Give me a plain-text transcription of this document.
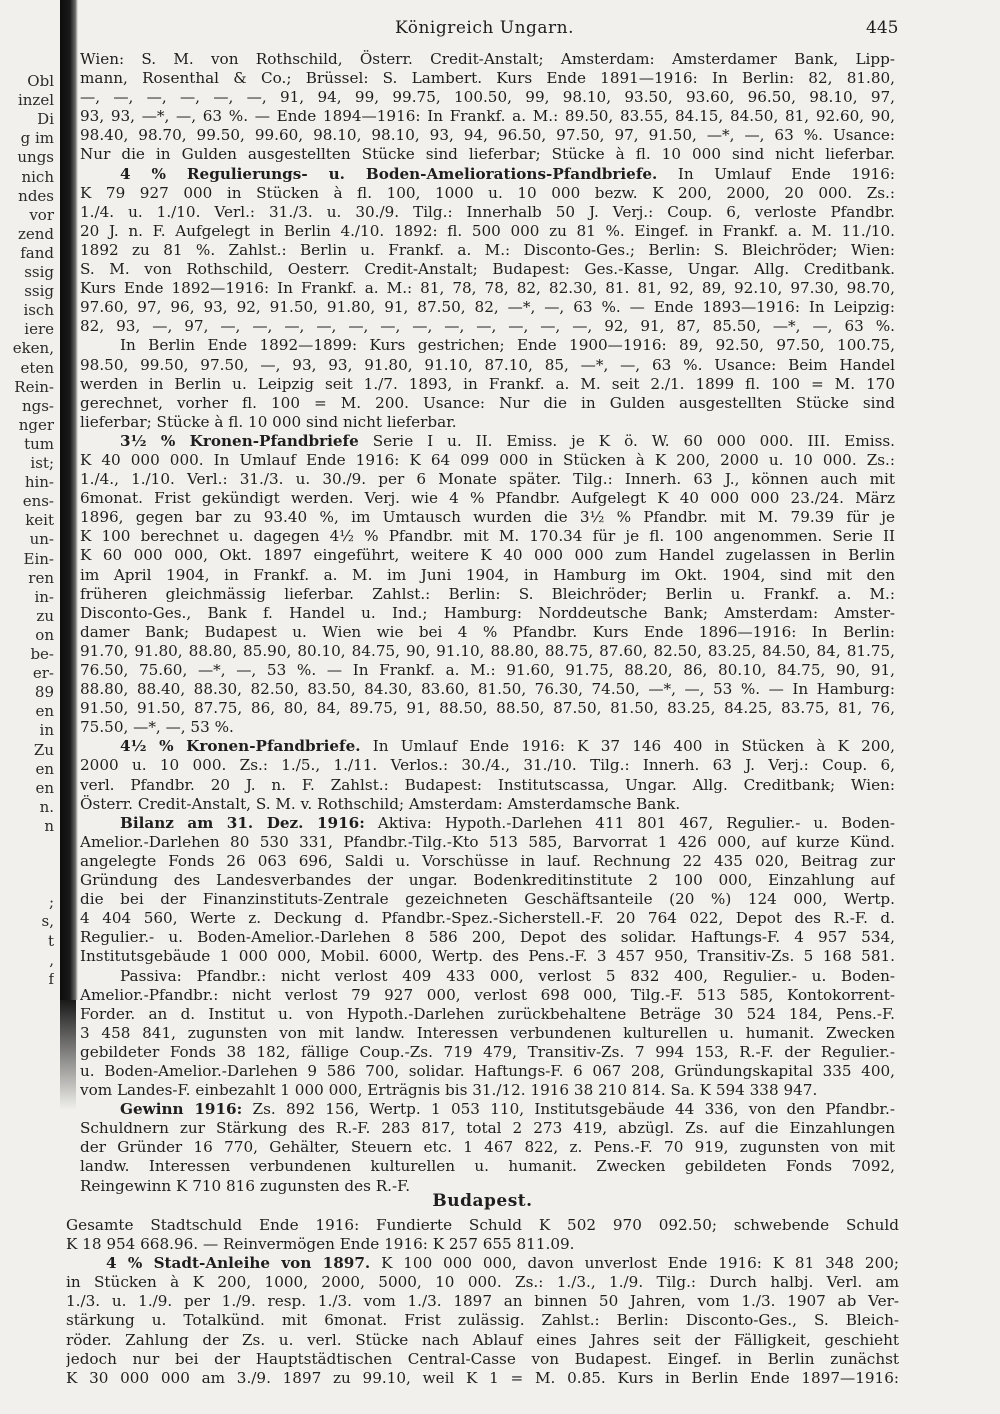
Obl
inzel
Di
g im
ungs
nich
ndes
vor
zend
fand
ssig
ssig
isch
iere
eken,
eten
Rein-
ngs-
nger
tum
ist;
hin-
ens-
keit
un-
Ein-
ren
in-
zu
on
be-
er-
89
en
in
Zu
en
en
n.
n
;
s,
t
,
f
Königreich Ungarn.	445
Wien: S. M. von Rothschild, Österr. Credit-Anstalt; Amsterdam: Amsterdamer Bank, Lipp-
mann, Rosenthal & Co.; Brüssel: S. Lambert. Kurs Ende 1891—1916: In Berlin: 82, 81.80,
—, —, —, —, —, —, 91, 94, 99, 99.75, 100.50, 99, 98.10, 93.50, 93.60, 96.50, 98.10, 97,
93, 93, —*, —, 63 %. — Ende 1894—1916: In Frankf. a. M.: 89.50, 83.55, 84.15, 84.50, 81, 92.60, 90,
98.40, 98.70, 99.50, 99.60, 98.10, 98.10, 93, 94, 96.50, 97.50, 97, 91.50, —*, —, 63 %. Usance:
Nur die in Gulden ausgestellten Stücke sind lieferbar; Stücke à fl. 10 000 sind nicht lieferbar.
4 % Regulierungs- u. Boden-Ameliorations-Pfandbriefe. In Umlauf Ende 1916:
K 79 927 000 in Stücken à fl. 100, 1000 u. 10 000 bezw. K 200, 2000, 20 000. Zs.:
1./4. u. 1./10. Verl.: 31./3. u. 30./9. Tilg.: Innerhalb 50 J. Verj.: Coup. 6, verloste Pfandbr.
20 J. n. F. Aufgelegt in Berlin 4./10. 1892: fl. 500 000 zu 81 %. Eingef. in Frankf. a. M. 11./10.
1892 zu 81 %. Zahlst.: Berlin u. Frankf. a. M.: Disconto-Ges.; Berlin: S. Bleichröder; Wien:
S. M. von Rothschild, Oesterr. Credit-Anstalt; Budapest: Ges.-Kasse, Ungar. Allg. Creditbank.
Kurs Ende 1892—1916: In Frankf. a. M.: 81, 78, 78, 82, 82.30, 81. 81, 92, 89, 92.10, 97.30, 98.70,
97.60, 97, 96, 93, 92, 91.50, 91.80, 91, 87.50, 82, —*, —, 63 %. — Ende 1893—1916: In Leipzig:
82, 93, —, 97, —, —, —, —, —, —, —, —, —, —, —, —, 92, 91, 87, 85.50, —*, —, 63 %.
In Berlin Ende 1892—1899: Kurs gestrichen; Ende 1900—1916: 89, 92.50, 97.50, 100.75,
98.50, 99.50, 97.50, —, 93, 93, 91.80, 91.10, 87.10, 85, —*, —, 63 %. Usance: Beim Handel
werden in Berlin u. Leipzig seit 1./7. 1893, in Frankf. a. M. seit 2./1. 1899 fl. 100 = M. 170
gerechnet, vorher fl. 100 = M. 200. Usance: Nur die in Gulden ausgestellten Stücke sind
lieferbar; Stücke à fl. 10 000 sind nicht lieferbar.
3½ % Kronen-Pfandbriefe Serie I u. II. Emiss. je K ö. W. 60 000 000. III. Emiss.
K 40 000 000. In Umlauf Ende 1916: K 64 099 000 in Stücken à K 200, 2000 u. 10 000. Zs.:
1./4., 1./10. Verl.: 31./3. u. 30./9. per 6 Monate später. Tilg.: Innerh. 63 J., können auch mit
6monat. Frist gekündigt werden. Verj. wie 4 % Pfandbr. Aufgelegt K 40 000 000 23./24. März
1896, gegen bar zu 93.40 %, im Umtausch wurden die 3½ % Pfandbr. mit M. 79.39 für je
K 100 berechnet u. dagegen 4½ % Pfandbr. mit M. 170.34 für je fl. 100 angenommen. Serie II
K 60 000 000, Okt. 1897 eingeführt, weitere K 40 000 000 zum Handel zugelassen in Berlin
im April 1904, in Frankf. a. M. im Juni 1904, in Hamburg im Okt. 1904, sind mit den
früheren gleichmässig lieferbar. Zahlst.: Berlin: S. Bleichröder; Berlin u. Frankf. a. M.:
Disconto-Ges., Bank f. Handel u. Ind.; Hamburg: Norddeutsche Bank; Amsterdam: Amster-
damer Bank; Budapest u. Wien wie bei 4 % Pfandbr. Kurs Ende 1896—1916: In Berlin:
91.70, 91.80, 88.80, 85.90, 80.10, 84.75, 90, 91.10, 88.80, 88.75, 87.60, 82.50, 83.25, 84.50, 84, 81.75,
76.50, 75.60, —*, —, 53 %. — In Frankf. a. M.: 91.60, 91.75, 88.20, 86, 80.10, 84.75, 90, 91,
88.80, 88.40, 88.30, 82.50, 83.50, 84.30, 83.60, 81.50, 76.30, 74.50, —*, —, 53 %. — In Hamburg:
91.50, 91.50, 87.75, 86, 80, 84, 89.75, 91, 88.50, 88.50, 87.50, 81.50, 83.25, 84.25, 83.75, 81, 76,
75.50, —*, —, 53 %.
4½ % Kronen-Pfandbriefe. In Umlauf Ende 1916: K 37 146 400 in Stücken à K 200,
2000 u. 10 000. Zs.: 1./5., 1./11. Verlos.: 30./4., 31./10. Tilg.: Innerh. 63 J. Verj.: Coup. 6,
verl. Pfandbr. 20 J. n. F. Zahlst.: Budapest: Institutscassa, Ungar. Allg. Creditbank; Wien:
Österr. Credit-Anstalt, S. M. v. Rothschild; Amsterdam: Amsterdamsche Bank.
Bilanz am 31. Dez. 1916: Aktiva: Hypoth.-Darlehen 411 801 467, Regulier.- u. Boden-
Amelior.-Darlehen 80 530 331, Pfandbr.-Tilg.-Kto 513 585, Barvorrat 1 426 000, auf kurze Künd.
angelegte Fonds 26 063 696, Saldi u. Vorschüsse in lauf. Rechnung 22 435 020, Beitrag zur
Gründung des Landesverbandes der ungar. Bodenkreditinstitute 2 100 000, Einzahlung auf
die bei der Finanzinstituts-Zentrale gezeichneten Geschäftsanteile (20 %) 124 000, Wertp.
4 404 560, Werte z. Deckung d. Pfandbr.-Spez.-Sicherstell.-F. 20 764 022, Depot des R.-F. d.
Regulier.- u. Boden-Amelior.-Darlehen 8 586 200, Depot des solidar. Haftungs-F. 4 957 534,
Institutsgebäude 1 000 000, Mobil. 6000, Wertp. des Pens.-F. 3 457 950, Transitiv-Zs. 5 168 581.
Passiva: Pfandbr.: nicht verlost 409 433 000, verlost 5 832 400, Regulier.- u. Boden-
Amelior.-Pfandbr.: nicht verlost 79 927 000, verlost 698 000, Tilg.-F. 513 585, Kontokorrent-
Forder. an d. Institut u. von Hypoth.-Darlehen zurückbehaltene Beträge 30 524 184, Pens.-F.
3 458 841, zugunsten von mit landw. Interessen verbundenen kulturellen u. humanit. Zwecken
gebildeter Fonds 38 182, fällige Coup.-Zs. 719 479, Transitiv-Zs. 7 994 153, R.-F. der Regulier.-
u. Boden-Amelior.-Darlehen 9 586 700, solidar. Haftungs-F. 6 067 208, Gründungskapital 335 400,
vom Landes-F. einbezahlt 1 000 000, Erträgnis bis 31./12. 1916 38 210 814. Sa. K 594 338 947.
Gewinn 1916: Zs. 892 156, Wertp. 1 053 110, Institutsgebäude 44 336, von den Pfandbr.-
Schuldnern zur Stärkung des R.-F. 283 817, total 2 273 419, abzügl. Zs. auf die Einzahlungen
der Gründer 16 770, Gehälter, Steuern etc. 1 467 822, z. Pens.-F. 70 919, zugunsten von mit
landw. Interessen verbundenen kulturellen u. humanit. Zwecken gebildeten Fonds 7092,
Reingewinn K 710 816 zugunsten des R.-F.
Budapest.
Gesamte Stadtschuld Ende 1916: Fundierte Schuld K 502 970 092.50; schwebende Schuld
K 18 954 668.96. — Reinvermögen Ende 1916: K 257 655 811.09.
4 % Stadt-Anleihe von 1897. K 100 000 000, davon unverlost Ende 1916: K 81 348 200;
in Stücken à K 200, 1000, 2000, 5000, 10 000. Zs.: 1./3., 1./9. Tilg.: Durch halbj. Verl. am
1./3. u. 1./9. per 1./9. resp. 1./3. vom 1./3. 1897 an binnen 50 Jahren, vom 1./3. 1907 ab Ver-
stärkung u. Totalkünd. mit 6monat. Frist zulässig. Zahlst.: Berlin: Disconto-Ges., S. Bleich-
röder. Zahlung der Zs. u. verl. Stücke nach Ablauf eines Jahres seit der Fälligkeit, geschieht
jedoch nur bei der Hauptstädtischen Central-Casse von Budapest. Eingef. in Berlin zunächst
K 30 000 000 am 3./9. 1897 zu 99.10, weil K 1 = M. 0.85. Kurs in Berlin Ende 1897—1916:
